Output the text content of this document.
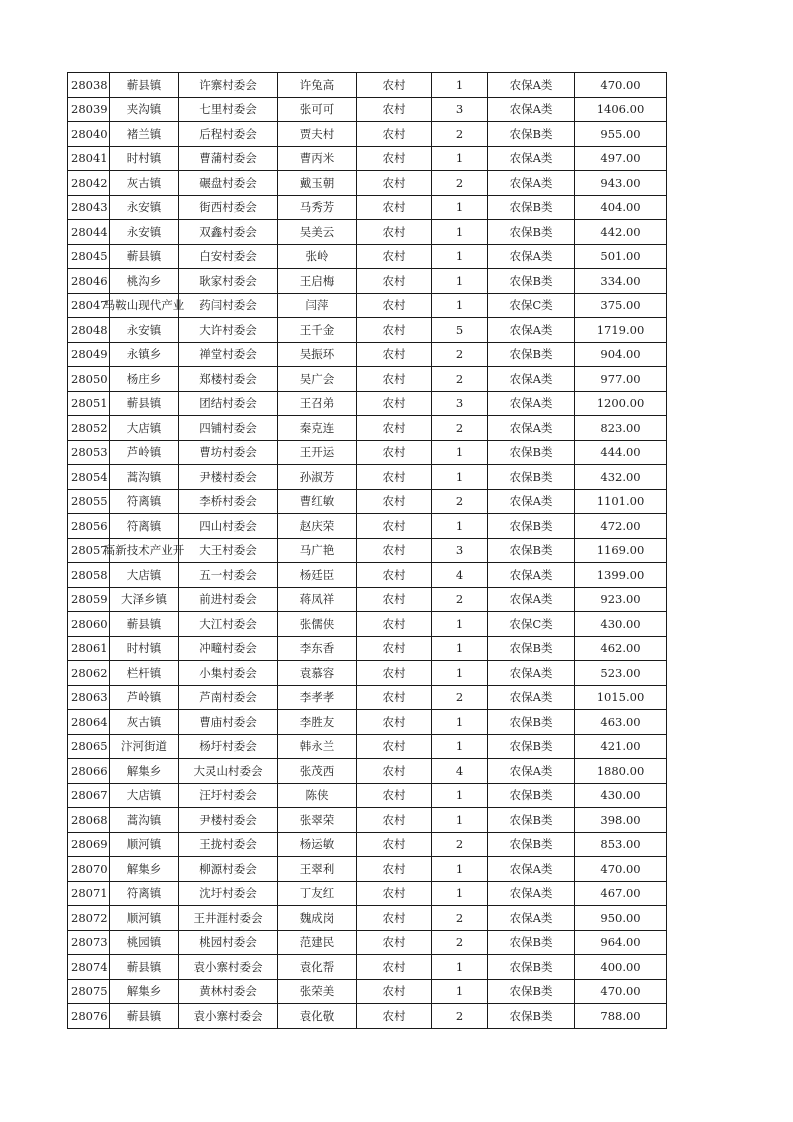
28038	蕲县镇	许寨村委会	许兔高	农村	1	农保A类	470.00
28039	夹沟镇	七里村委会	张可可	农村	3	农保A类	1406.00
28040	褚兰镇	后程村委会	贾夫村	农村	2	农保B类	955.00
28041	时村镇	曹蒲村委会	曹丙米	农村	1	农保A类	497.00
28042	灰古镇	碾盘村委会	戴玉朝	农村	2	农保A类	943.00
28043	永安镇	街西村委会	马秀芳	农村	1	农保B类	404.00
28044	永安镇	双鑫村委会	吴美云	农村	1	农保B类	442.00
28045	蕲县镇	白安村委会	张岭	农村	1	农保A类	501.00
28046	桃沟乡	耿家村委会	王启梅	农村	1	农保B类	334.00
28047	马鞍山现代产业	药闫村委会	闫萍	农村	1	农保C类	375.00
28048	永安镇	大许村委会	王千金	农村	5	农保A类	1719.00
28049	永镇乡	禅堂村委会	吴振环	农村	2	农保B类	904.00
28050	杨庄乡	郑楼村委会	吴广会	农村	2	农保A类	977.00
28051	蕲县镇	团结村委会	王召弟	农村	3	农保A类	1200.00
28052	大店镇	四铺村委会	秦克连	农村	2	农保A类	823.00
28053	芦岭镇	曹坊村委会	王开运	农村	1	农保B类	444.00
28054	蒿沟镇	尹楼村委会	孙淑芳	农村	1	农保B类	432.00
28055	符离镇	李桥村委会	曹红敏	农村	2	农保A类	1101.00
28056	符离镇	四山村委会	赵庆荣	农村	1	农保B类	472.00
28057	高新技术产业开	大王村委会	马广艳	农村	3	农保B类	1169.00
28058	大店镇	五一村委会	杨廷臣	农村	4	农保A类	1399.00
28059	大泽乡镇	前进村委会	蒋凤祥	农村	2	农保A类	923.00
28060	蕲县镇	大江村委会	张儒侠	农村	1	农保C类	430.00
28061	时村镇	冲疃村委会	李东香	农村	1	农保B类	462.00
28062	栏杆镇	小集村委会	袁慕容	农村	1	农保A类	523.00
28063	芦岭镇	芦南村委会	李孝孝	农村	2	农保A类	1015.00
28064	灰古镇	曹庙村委会	李胜友	农村	1	农保B类	463.00
28065	汴河街道	杨圩村委会	韩永兰	农村	1	农保B类	421.00
28066	解集乡	大灵山村委会	张茂西	农村	4	农保A类	1880.00
28067	大店镇	汪圩村委会	陈侠	农村	1	农保B类	430.00
28068	蒿沟镇	尹楼村委会	张翠荣	农村	1	农保B类	398.00
28069	顺河镇	王拢村委会	杨运敏	农村	2	农保B类	853.00
28070	解集乡	柳源村委会	王翠利	农村	1	农保A类	470.00
28071	符离镇	沈圩村委会	丁友红	农村	1	农保A类	467.00
28072	顺河镇	王井涯村委会	魏成岗	农村	2	农保A类	950.00
28073	桃园镇	桃园村委会	范建民	农村	2	农保B类	964.00
28074	蕲县镇	袁小寨村委会	袁化帮	农村	1	农保B类	400.00
28075	解集乡	黄林村委会	张荣美	农村	1	农保B类	470.00
28076	蕲县镇	袁小寨村委会	袁化敬	农村	2	农保B类	788.00
